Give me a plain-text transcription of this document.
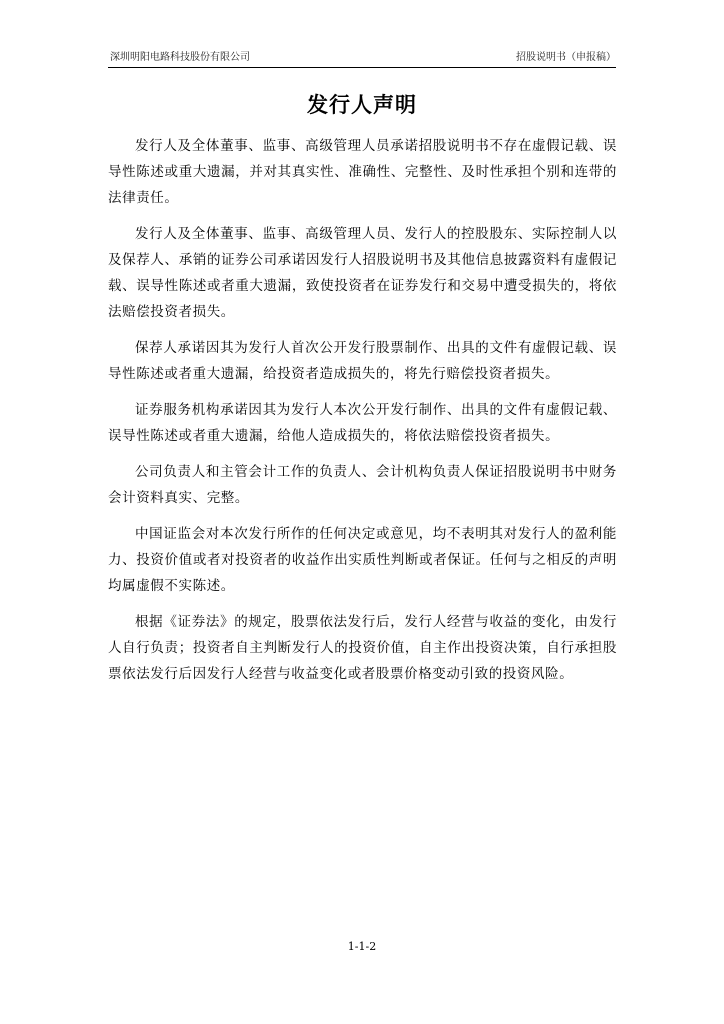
深圳明阳电路科技股份有限公司	招股说明书（申报稿）
发行人声明

发行人及全体董事、监事、高级管理人员承诺招股说明书不存在虚假记载、误导性陈述或重大遗漏，并对其真实性、准确性、完整性、及时性承担个别和连带的法律责任。

发行人及全体董事、监事、高级管理人员、发行人的控股股东、实际控制人以及保荐人、承销的证券公司承诺因发行人招股说明书及其他信息披露资料有虚假记载、误导性陈述或者重大遗漏，致使投资者在证券发行和交易中遭受损失的，将依法赔偿投资者损失。

保荐人承诺因其为发行人首次公开发行股票制作、出具的文件有虚假记载、误导性陈述或者重大遗漏，给投资者造成损失的，将先行赔偿投资者损失。

证券服务机构承诺因其为发行人本次公开发行制作、出具的文件有虚假记载、误导性陈述或者重大遗漏，给他人造成损失的，将依法赔偿投资者损失。

公司负责人和主管会计工作的负责人、会计机构负责人保证招股说明书中财务会计资料真实、完整。

中国证监会对本次发行所作的任何决定或意见，均不表明其对发行人的盈利能力、投资价值或者对投资者的收益作出实质性判断或者保证。任何与之相反的声明均属虚假不实陈述。

根据《证券法》的规定，股票依法发行后，发行人经营与收益的变化，由发行人自行负责；投资者自主判断发行人的投资价值，自主作出投资决策，自行承担股票依法发行后因发行人经营与收益变化或者股票价格变动引致的投资风险。

1-1-2
